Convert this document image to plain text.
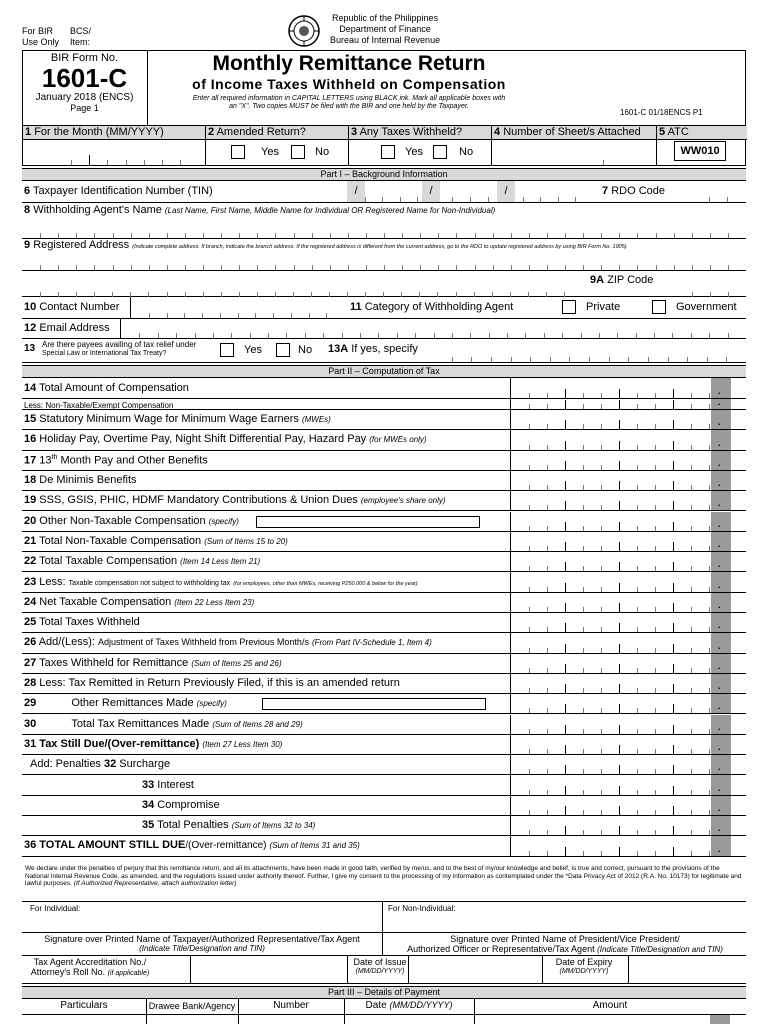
For BIR
Use Only
BCS/
Item:
Republic of the Philippines
Department of Finance
Bureau of Internal Revenue
BIR Form No.
1601-C
January 2018 (ENCS)
Page 1
Monthly Remittance Return
of Income Taxes Withheld on Compensation
Enter all required information in CAPITAL LETTERS using BLACK ink. Mark all applicable boxes with
an "X". Two copies MUST be filed with the BIR and one held by the Taxpayer.
1601-C 01/18ENCS P1
1 For the Month (MM/YYYY)	2 Amended Return?	3 Any Taxes Withheld?	4 Number of Sheet/s Attached 5 ATC
Yes	No	Yes	No	WW010
Part I – Background Information
6 Taxpayer Identification Number (TIN)	/	/	/	7 RDO Code
8 Withholding Agent's Name (Last Name, First Name, Middle Name for Individual OR Registered Name for Non-Individual)
9 Registered Address (Indicate complete address. If branch, indicate the branch address. If the registered address is different from the current address, go to the RDO to update registered address by using BIR Form No. 1905)
9A ZIP Code
10 Contact Number	11 Category of Withholding Agent	Private	Government
12 Email Address
13 Are there payees availing of tax relief under
Special Law or International Tax Treaty?	Yes	No 13A If yes, specify
Part II – Computation of Tax
14 Total Amount of Compensation	.
Less: Non-Taxable/Exempt Compensation	.
15 Statutory Minimum Wage for Minimum Wage Earners (MWEs)	.
16 Holiday Pay, Overtime Pay, Night Shift Differential Pay, Hazard Pay (for MWEs only)	.
17 13th Month Pay and Other Benefits	.
18 De Minimis Benefits	.
19 SSS, GSIS, PHIC, HDMF Mandatory Contributions & Union Dues (employee's share only)	.
20 Other Non-Taxable Compensation (specify)	.
21 Total Non-Taxable Compensation (Sum of Items 15 to 20)	.
22 Total Taxable Compensation (Item 14 Less Item 21)	.
23 Less: Taxable compensation not subject to withholding tax (for employees, other than MWEs, receiving P250,000 & below for the year)	.
24 Net Taxable Compensation (Item 22 Less Item 23)	.
25 Total Taxes Withheld	.
26 Add/(Less): Adjustment of Taxes Withheld from Previous Month/s (From Part IV-Schedule 1, Item 4)	.
27 Taxes Withheld for Remittance (Sum of Items 25 and 26)	.
28 Less: Tax Remitted in Return Previously Filed, if this is an amended return	.
29	Other Remittances Made (specify)	.
30	Total Tax Remittances Made (Sum of Items 28 and 29)	.
31 Tax Still Due/(Over-remittance) (Item 27 Less Item 30)	.
Add: Penalties 32 Surcharge	.
33 Interest	.
34 Compromise	.
35 Total Penalties (Sum of Items 32 to 34)	.
36 TOTAL AMOUNT STILL DUE/(Over-remittance) (Sum of Items 31 and 35)	.
We declare under the penalties of perjury that this remittance return, and all its attachments, have been made in good faith, verified by me/us, and to the best of my/our knowledge and belief, is true and correct, pursuant to the provisions of the National Internal Revenue Code, as amended, and the regulations issued under authority thereof. Further, I give my consent to the processing of my information as contemplated under the *Data Privacy Act of 2012 (R.A. No. 10173) for legitimate and lawful purposes. (If Authorized Representative, attach authorization letter)
For Individual:	For Non-Individual:
Signature over Printed Name of Taxpayer/Authorized Representative/Tax Agent
(Indicate Title/Designation and TIN)
Signature over Printed Name of President/Vice President/
Authorized Officer or Representative/Tax Agent (Indicate Title/Designation and TIN)
Tax Agent Accreditation No./
Attorney's Roll No. (if applicable)
Date of Issue
(MM/DD/YYYY)
Date of Expiry
(MM/DD/YYYY)
Part III – Details of Payment
Particulars	Drawee Bank/Agency	Number	Date (MM/DD/YYYY)	Amount
